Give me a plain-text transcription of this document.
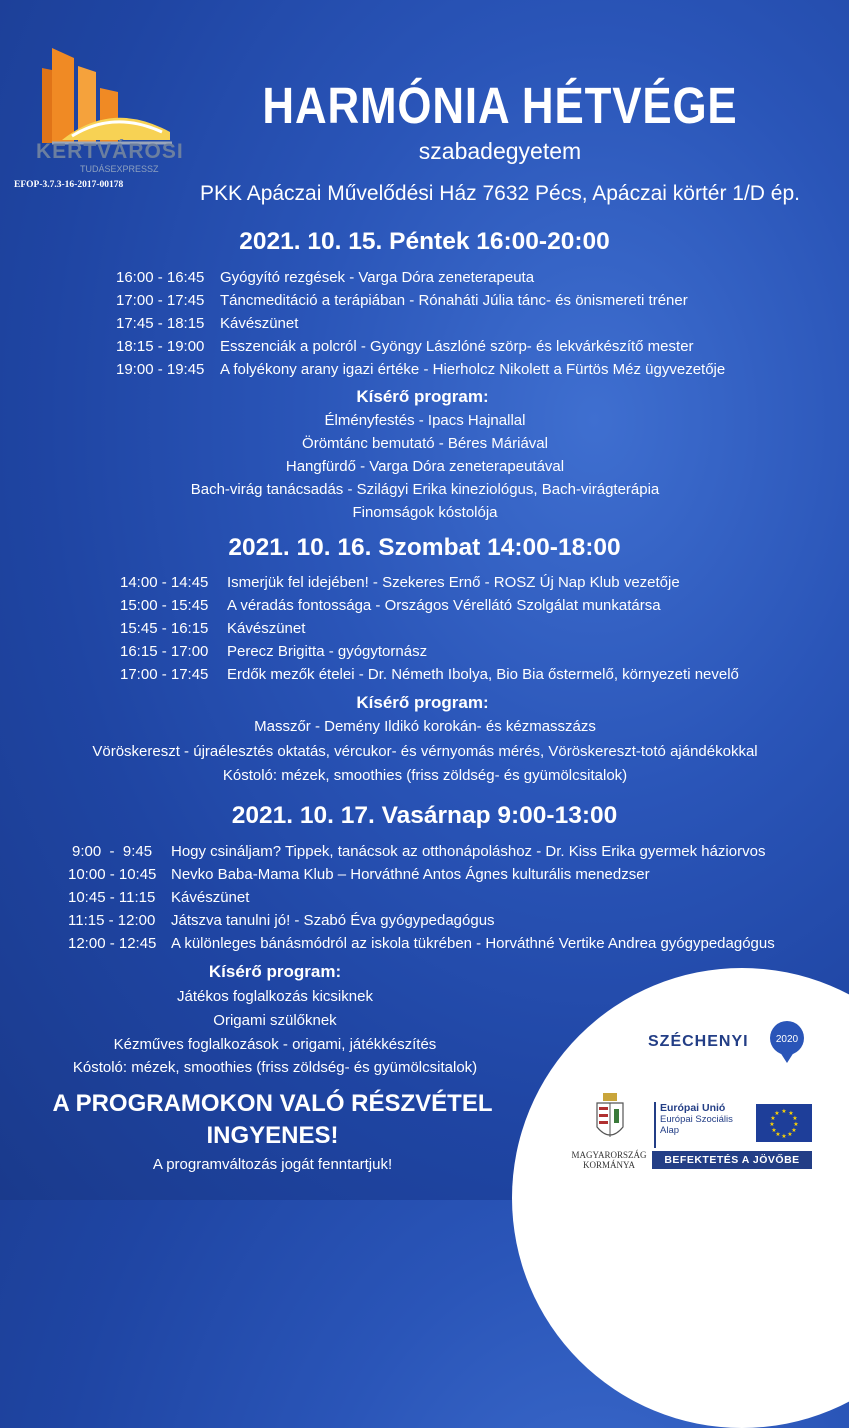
KERTVÁROSI
TUDÁSEXPRESSZ
EFOP-3.7.3-16-2017-00178
HARMÓNIA HÉTVÉGE
szabadegyetem
PKK Apáczai Művelődési Ház 7632 Pécs, Apáczai körtér 1/D ép.
2021. 10. 15. Péntek 16:00-20:00
16:00 - 16:45 Gyógyító rezgések - Varga Dóra zeneterapeuta
17:00 - 17:45 Táncmeditáció a terápiában - Rónaháti Júlia tánc- és önismereti tréner
17:45 - 18:15 Kávészünet
18:15 - 19:00 Esszenciák a polcról - Gyöngy Lászlóné szörp- és lekvárkészítő mester
19:00 - 19:45 A folyékony arany igazi értéke - Hierholcz Nikolett a Fürtös Méz ügyvezetője
Kísérő program:
Élményfestés - Ipacs Hajnallal
Örömtánc bemutató - Béres Máriával
Hangfürdő - Varga Dóra zeneterapeutával
Bach-virág tanácsadás - Szilágyi Erika kineziológus, Bach-virágterápia
Finomságok kóstolója
2021. 10. 16. Szombat 14:00-18:00
14:00 - 14:45 Ismerjük fel idejében! - Szekeres Ernő - ROSZ Új Nap Klub vezetője
15:00 - 15:45 A véradás fontossága - Országos Vérellátó Szolgálat munkatársa
15:45 - 16:15 Kávészünet
16:15 - 17:00 Perecz Brigitta - gyógytornász
17:00 - 17:45 Erdők mezők ételei - Dr. Németh Ibolya, Bio Bia őstermelő, környezeti nevelő
Kísérő program:
Masszőr - Demény Ildikó korokán- és kézmasszázs
Vöröskereszt - újraélesztés oktatás, vércukor- és vérnyomás mérés, Vöröskereszt-totó ajándékokkal
Kóstoló: mézek, smoothies (friss zöldség- és gyümölcsitalok)
2021. 10. 17. Vasárnap 9:00-13:00
9:00  -  9:45 Hogy csináljam? Tippek, tanácsok az otthonápoláshoz - Dr. Kiss Erika gyermek háziorvos
10:00 - 10:45 Nevko Baba-Mama Klub – Horváthné Antos Ágnes kulturális menedzser
10:45 - 11:15 Kávészünet
11:15 - 12:00 Játszva tanulni jó! - Szabó Éva gyógypedagógus
12:00 - 12:45 A különleges bánásmódról az iskola tükrében - Horváthné Vertike Andrea gyógypedagógus
Kísérő program:
Játékos foglalkozás kicsiknek
Origami szülőknek
Kézműves foglalkozások - origami, játékkészítés
Kóstoló: mézek, smoothies (friss zöldség- és gyümölcsitalok)
A PROGRAMOKON VALÓ RÉSZVÉTEL
INGYENES!
A programváltozás jogát fenntartjuk!
SZÉCHENYI	2020
MAGYARORSZÁG
KORMÁNYA
Európai Unió
Európai Szociális
Alap
★ ★
★
★
★
★
★
★
★
★
★
★
BEFEKTETÉS A JÖVŐBE
